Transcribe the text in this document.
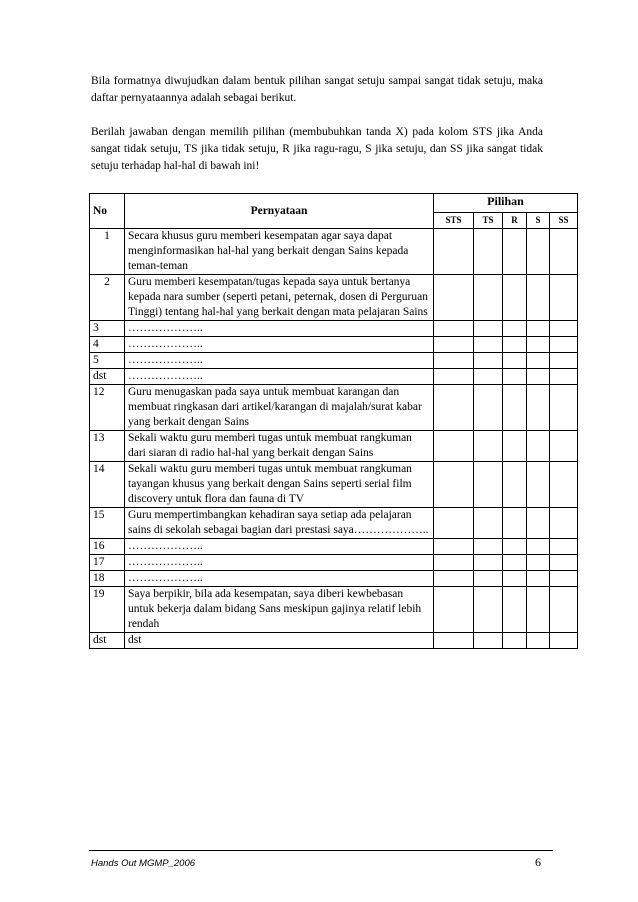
Bila formatnya diwujudkan dalam bentuk pilihan sangat setuju sampai sangat tidak setuju, maka daftar pernyataannya adalah sebagai berikut.

Berilah jawaban dengan memilih pilihan (membubuhkan tanda X) pada kolom STS jika Anda sangat tidak setuju, TS jika tidak setuju, R jika ragu-ragu, S jika setuju, dan SS jika sangat tidak setuju terhadap hal-hal di bawah ini!

No	Pernyataan	Pilihan				
		STS	TS	R	S	SS
1	Secara khusus guru memberi kesempatan agar saya dapat menginformasikan hal-hal yang berkait dengan Sains kepada teman-teman					
2	Guru memberi kesempatan/tugas kepada saya untuk bertanya kepada nara sumber (seperti petani, peternak, dosen di Perguruan Tinggi) tentang hal-hal yang berkait dengan mata pelajaran Sains					
3	………………..					
4	………………..					
5	………………..					
dst	………………..					
12	Guru menugaskan pada saya untuk membuat karangan dan membuat ringkasan dari artikel/karangan di majalah/surat kabar yang berkait dengan Sains					
13	Sekali waktu guru memberi tugas untuk membuat rangkuman dari siaran di radio hal-hal yang berkait dengan Sains					
14	Sekali waktu guru memberi tugas untuk membuat rangkuman tayangan khusus yang berkait dengan Sains seperti serial film discovery untuk flora dan fauna di TV					
15	Guru mempertimbangkan kehadiran saya setiap ada pelajaran sains di sekolah sebagai bagian dari prestasi saya………………..					
16	………………..					
17	………………..					
18	………………..					
19	Saya berpikir, bila ada kesempatan, saya diberi kewbebasan untuk bekerja dalam bidang Sans meskipun gajinya relatif lebih rendah					
dst	dst					
Hands Out MGMP_2006	6
